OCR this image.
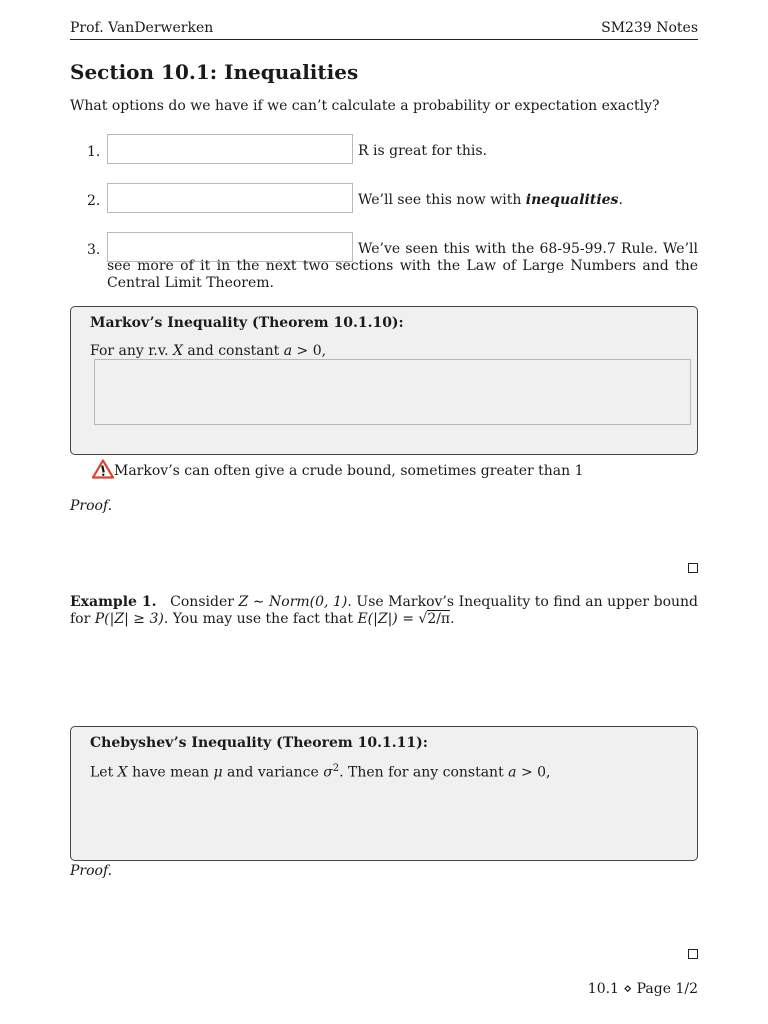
Prof. VanDerwerken	SM239 Notes
Section 10.1: Inequalities
What options do we have if we can’t calculate a probability or expectation exactly?
1.	R is great for this.
2.	We’ll see this now with inequalities.
3.	We’ve seen this with the 68-95-99.7 Rule. We’ll see more of it in the next two sections with the Law of Large Numbers and the Central Limit Theorem.
Markov’s Inequality (Theorem 10.1.10):
For any r.v. X and constant a > 0,
Markov’s can often give a crude bound, sometimes greater than 1
Proof.
Example 1. Consider Z ∼ Norm(0, 1). Use Markov’s Inequality to find an upper bound for P(|Z| ≥ 3). You may use the fact that E(|Z|) = √2/π.
Chebyshev’s Inequality (Theorem 10.1.11):
Let X have mean μ and variance $\sigma^2$. Then for any constant a > 0,
Proof.
10.1 ⋄ Page 1/2
